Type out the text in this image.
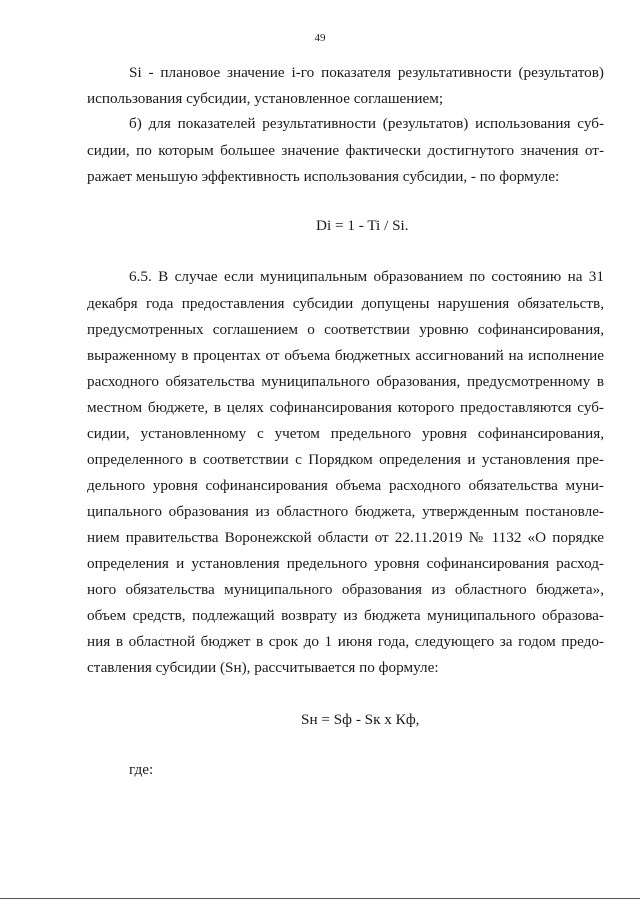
49
Si - плановое значение i-го показателя результативности (результатов)
использования субсидии, установленное соглашением;
б) для показателей результативности (результатов) использования суб-
сидии, по которым большее значение фактически достигнутого значения от-
ражает меньшую эффективность использования субсидии, - по формуле:
Di = 1 - Ti / Si.
6.5. В случае если муниципальным образованием по состоянию на 31
декабря года предоставления субсидии допущены нарушения обязательств,
предусмотренных соглашением о соответствии уровню софинансирования,
выраженному в процентах от объема бюджетных ассигнований на исполнение
расходного обязательства муниципального образования, предусмотренному в
местном бюджете, в целях софинансирования которого предоставляются суб-
сидии, установленному с учетом предельного уровня софинансирования,
определенного в соответствии с Порядком определения и установления пре-
дельного уровня софинансирования объема расходного обязательства муни-
ципального образования из областного бюджета, утвержденным постановле-
нием правительства Воронежской области от 22.11.2019 № 1132 «О порядке
определения и установления предельного уровня софинансирования расход-
ного обязательства муниципального образования из областного бюджета»,
объем средств, подлежащий возврату из бюджета муниципального образова-
ния в областной бюджет в срок до 1 июня года, следующего за годом предо-
ставления субсидии (Sн), рассчитывается по формуле:
Sн = Sф - Sк x Кф,
где:
